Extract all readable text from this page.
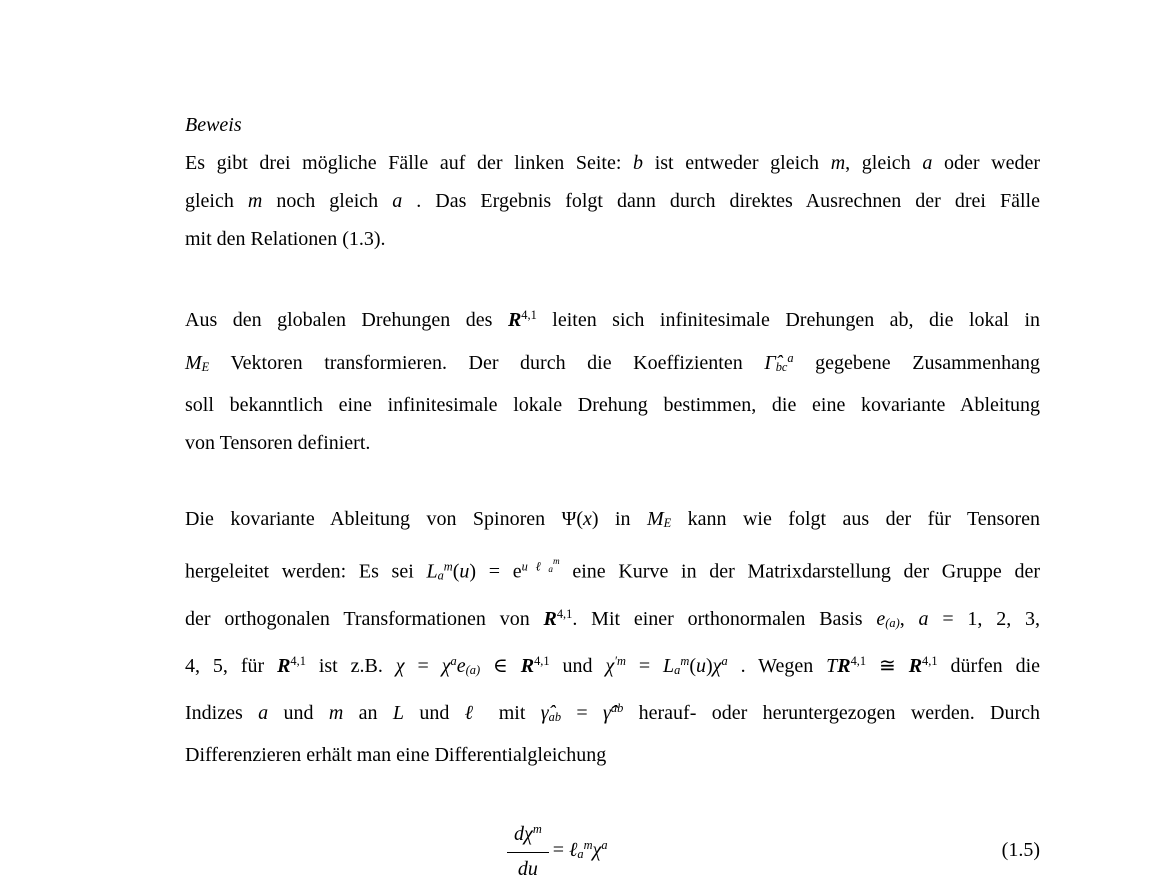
Beweis
Es gibt drei mögliche Fälle auf der linken Seite: b ist entweder gleich m, gleich a oder weder
gleich m noch gleich a . Das Ergebnis folgt dann durch direktes Ausrechnen der drei Fälle
mit den Relationen (1.3).
Aus den globalen Drehungen des R$^{4,1}$ leiten sich infinitesimale Drehungen ab, die lokal in
ME Vektoren transformieren. Der durch die Koeffizienten $\Gammâbc^a$ gegebene Zusammenhang
soll bekanntlich eine infinitesimale lokale Drehung bestimmen, die eine kovariante Ableitung
von Tensoren definiert.
Die kovariante Ableitung von Spinoren Ψ(x) in ME kann wie folgt aus der für Tensoren
hergeleitet werden: Es sei $La^m(u) = e^{u\ell am}$ eine Kurve in der Matrixdarstellung der Gruppe der
der orthogonalen Transformationen von R$^{4,1}$. Mit einer orthonormalen Basis e(a), a = 1, 2, 3,
4, 5, für R$^{4,1}$ ist z.B. $\chi = \chi^ae(a)$ ∈ R$^{4,1}$ und $\chi^{'m} = La^m(u)\chi^a$ . Wegen TR$^{4,1}$ ≅ R$^{4,1}$ dürfen die
Indizes a und m an L und ℓ mit γ̂ab = γ̂$^{ab}$ herauf- oder heruntergezogen werden. Durch
Differenzieren erhält man eine Differentialgleichung
$\frac{d\chi^m}{du}$ = $\ell a^m\chi^a$	(1.5)
